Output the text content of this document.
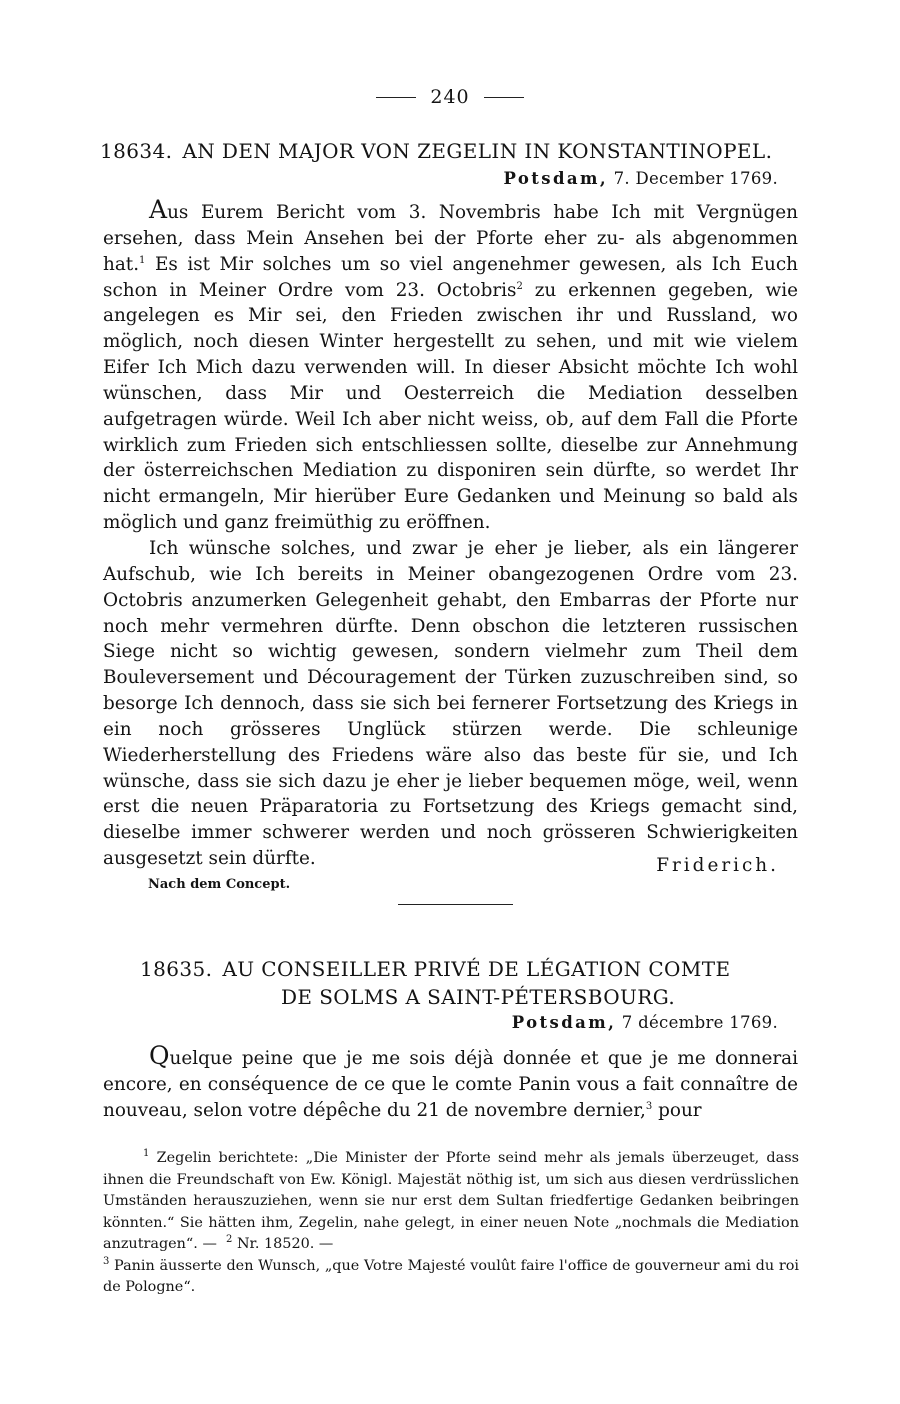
240
18634. AN DEN MAJOR VON ZEGELIN IN KONSTANTINOPEL.
Potsdam, 7. December 1769.

Aus Eurem Bericht vom 3. Novembris habe Ich mit Vergnügen ersehen, dass Mein Ansehen bei der Pforte eher zu- als abgenommen hat.$^1$ Es ist Mir solches um so viel angenehmer gewesen, als Ich Euch schon in Meiner Ordre vom 23. Octobris$^2$ zu erkennen gegeben, wie angelegen es Mir sei, den Frieden zwischen ihr und Russland, wo möglich, noch diesen Winter hergestellt zu sehen, und mit wie vielem Eifer Ich Mich dazu verwenden will. In dieser Absicht möchte Ich wohl wünschen, dass Mir und Oesterreich die Mediation desselben aufgetragen würde. Weil Ich aber nicht weiss, ob, auf dem Fall die Pforte wirklich zum Frieden sich entschliessen sollte, dieselbe zur Annehmung der österreichschen Mediation zu disponiren sein dürfte, so werdet Ihr nicht ermangeln, Mir hierüber Eure Gedanken und Meinung so bald als möglich und ganz freimüthig zu eröffnen.

Ich wünsche solches, und zwar je eher je lieber, als ein längerer Aufschub, wie Ich bereits in Meiner obangezogenen Ordre vom 23. Octobris anzumerken Gelegenheit gehabt, den Embarras der Pforte nur noch mehr vermehren dürfte. Denn obschon die letzteren russischen Siege nicht so wichtig gewesen, sondern vielmehr zum Theil dem Bouleversement und Découragement der Türken zuzuschreiben sind, so besorge Ich dennoch, dass sie sich bei fernerer Fortsetzung des Kriegs in ein noch grösseres Unglück stürzen werde. Die schleunige Wiederherstellung des Friedens wäre also das beste für sie, und Ich wünsche, dass sie sich dazu je eher je lieber bequemen möge, weil, wenn erst die neuen Präparatoria zu Fortsetzung des Kriegs gemacht sind, dieselbe immer schwerer werden und noch grösseren Schwierigkeiten ausgesetzt sein dürfte.	Friderich.
Nach dem Concept.
18635. AU CONSEILLER PRIVÉ DE LÉGATION COMTE
DE SOLMS A SAINT-PÉTERSBOURG.
Potsdam, 7 décembre 1769.

Quelque peine que je me sois déjà donnée et que je me donnerai encore, en conséquence de ce que le comte Panin vous a fait connaître de nouveau, selon votre dépêche du 21 de novembre dernier,$^3$ pour

$^1$ Zegelin berichtete: „Die Minister der Pforte seind mehr als jemals überzeuget, dass ihnen die Freundschaft von Ew. Königl. Majestät nöthig ist, um sich aus diesen verdrüsslichen Umständen herauszuziehen, wenn sie nur erst dem Sultan friedfertige Gedanken beibringen könnten.“ Sie hätten ihm, Zegelin, nahe gelegt, in einer neuen Note „nochmals die Mediation anzutragen“. — $^2$ Nr. 18520. —

$^3$ Panin äusserte den Wunsch, „que Votre Majesté voulût faire l'office de gouverneur ami du roi de Pologne“.
